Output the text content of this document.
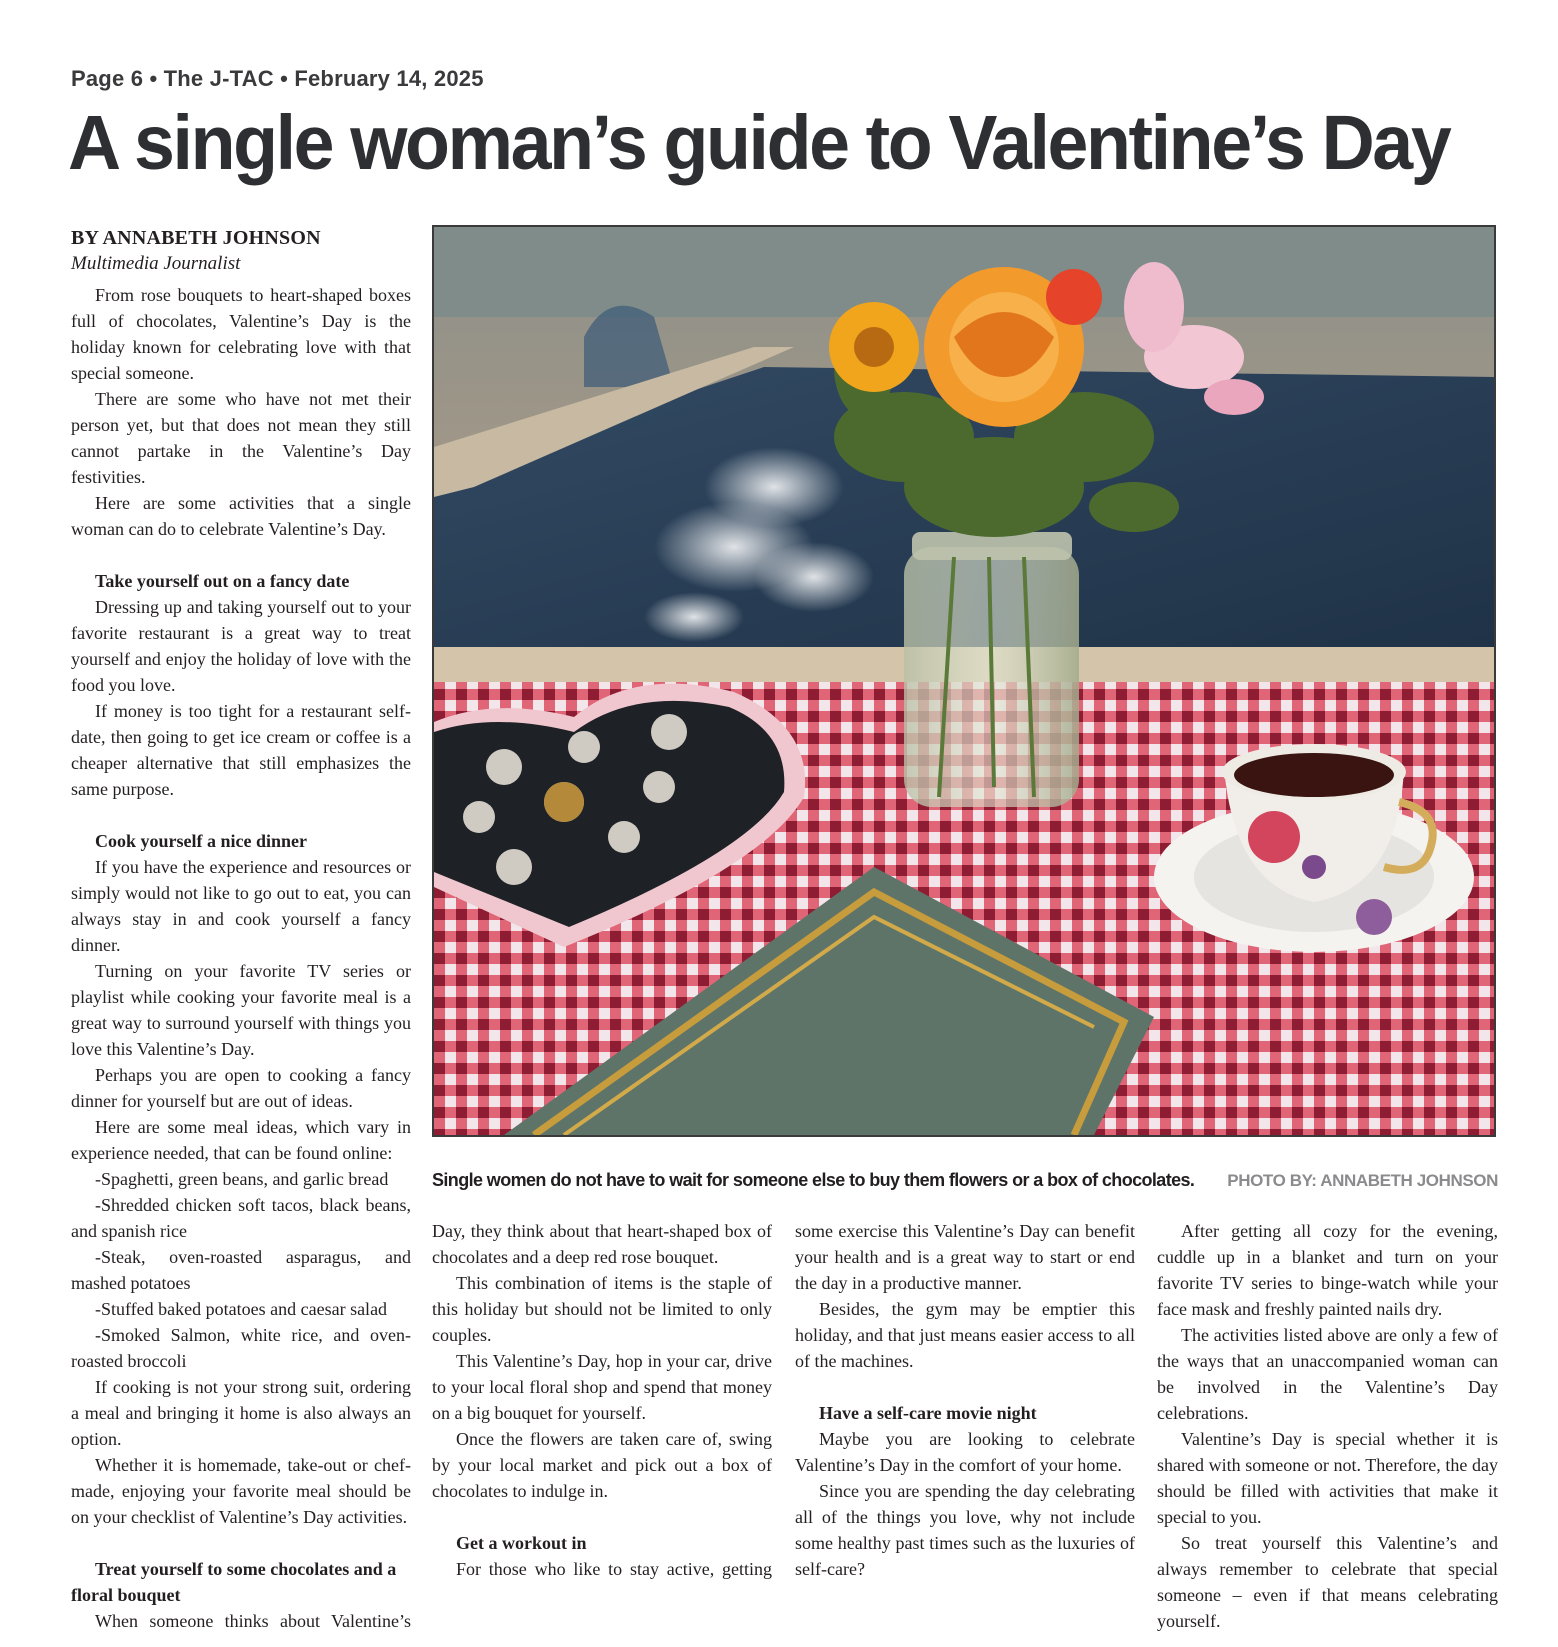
Page 6 • The J-TAC • February 14, 2025
A single woman’s guide to Valentine’s Day
BY ANNABETH JOHNSON
Multimedia Journalist

From rose bouquets to heart-shaped boxes full of chocolates, Valentine’s Day is the holiday known for celebrating love with that special someone.

There are some who have not met their person yet, but that does not mean they still cannot partake in the Valentine’s Day festivities.

Here are some activities that a single woman can do to celebrate Valentine’s Day.

Take yourself out on a fancy date

Dressing up and taking yourself out to your favorite restaurant is a great way to treat yourself and enjoy the holiday of love with the food you love.

If money is too tight for a restaurant self-date, then going to get ice cream or coffee is a cheaper alternative that still emphasizes the same purpose.

Cook yourself a nice dinner

If you have the experience and resources or simply would not like to go out to eat, you can always stay in and cook yourself a fancy dinner.

Turning on your favorite TV series or playlist while cooking your favorite meal is a great way to surround yourself with things you love this Valentine’s Day.

Perhaps you are open to cooking a fancy dinner for yourself but are out of ideas.

Here are some meal ideas, which vary in experience needed, that can be found online:

-Spaghetti, green beans, and garlic bread

-Shredded chicken soft tacos, black beans, and spanish rice

-Steak, oven-roasted asparagus, and mashed potatoes

-Stuffed baked potatoes and caesar salad

-Smoked Salmon, white rice, and oven-roasted broccoli

If cooking is not your strong suit, ordering a meal and bringing it home is also always an option.

Whether it is homemade, take-out or chef-made, enjoying your favorite meal should be on your checklist of Valentine’s Day activities.

Treat yourself to some chocolates and a floral bouquet

When someone thinks about Valentine’s

Single women do not have to wait for someone else to buy them flowers or a box of chocolates. PHOTO BY: ANNABETH JOHNSON

Day, they think about that heart-shaped box of chocolates and a deep red rose bouquet.

This combination of items is the staple of this holiday but should not be limited to only couples.

This Valentine’s Day, hop in your car, drive to your local floral shop and spend that money on a big bouquet for yourself.

Once the flowers are taken care of, swing by your local market and pick out a box of chocolates to indulge in.

Get a workout in

For those who like to stay active, getting

some exercise this Valentine’s Day can benefit your health and is a great way to start or end the day in a productive manner.

Besides, the gym may be emptier this holiday, and that just means easier access to all of the machines.

Have a self-care movie night

Maybe you are looking to celebrate Valentine’s Day in the comfort of your home.

Since you are spending the day celebrating all of the things you love, why not include some healthy past times such as the luxuries of self-care?

After getting all cozy for the evening, cuddle up in a blanket and turn on your favorite TV series to binge-watch while your face mask and freshly painted nails dry.

The activities listed above are only a few of the ways that an unaccompanied woman can be involved in the Valentine’s Day celebrations.

Valentine’s Day is special whether it is shared with someone or not. Therefore, the day should be filled with activities that make it special to you.

So treat yourself this Valentine’s and always remember to celebrate that special someone – even if that means celebrating yourself.
